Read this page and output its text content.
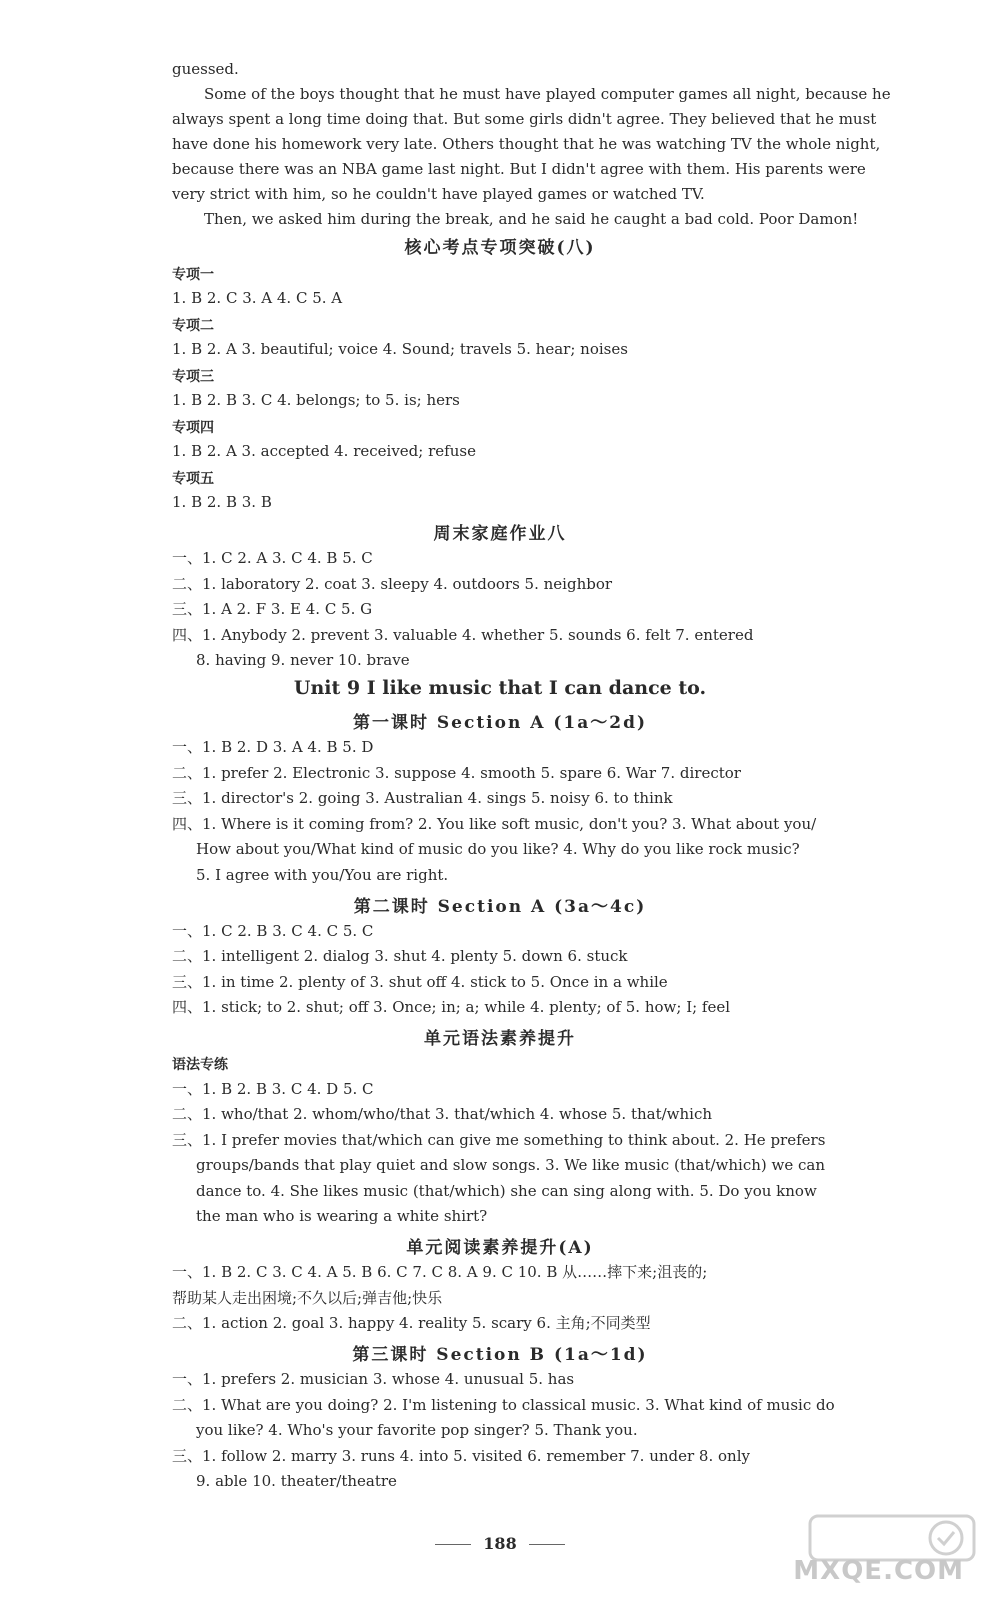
guessed.
Some of the boys thought that he must have played computer games all night, because he
always spent a long time doing that. But some girls didn't agree. They believed that he must
have done his homework very late. Others thought that he was watching TV the whole night,
because there was an NBA game last night. But I didn't agree with them. His parents were
very strict with him, so he couldn't have played games or watched TV.
Then, we asked him during the break, and he said he caught a bad cold. Poor Damon!
核心考点专项突破(八)
专项一
1. B 2. C 3. A 4. C 5. A
专项二
1. B 2. A 3. beautiful; voice 4. Sound; travels 5. hear; noises
专项三
1. B 2. B 3. C 4. belongs; to 5. is; hers
专项四
1. B 2. A 3. accepted 4. received; refuse
专项五
1. B 2. B 3. B
周末家庭作业八
一、1. C 2. A 3. C 4. B 5. C
二、1. laboratory 2. coat 3. sleepy 4. outdoors 5. neighbor
三、1. A 2. F 3. E 4. C 5. G
四、1. Anybody 2. prevent 3. valuable 4. whether 5. sounds 6. felt 7. entered
8. having 9. never 10. brave
Unit 9 I like music that I can dance to.
第一课时 Section A (1a～2d)
一、1. B 2. D 3. A 4. B 5. D
二、1. prefer 2. Electronic 3. suppose 4. smooth 5. spare 6. War 7. director
三、1. director's 2. going 3. Australian 4. sings 5. noisy 6. to think
四、1. Where is it coming from? 2. You like soft music, don't you? 3. What about you/
How about you/What kind of music do you like? 4. Why do you like rock music?
5. I agree with you/You are right.
第二课时 Section A (3a～4c)
一、1. C 2. B 3. C 4. C 5. C
二、1. intelligent 2. dialog 3. shut 4. plenty 5. down 6. stuck
三、1. in time 2. plenty of 3. shut off 4. stick to 5. Once in a while
四、1. stick; to 2. shut; off 3. Once; in; a; while 4. plenty; of 5. how; I; feel
单元语法素养提升
语法专练
一、1. B 2. B 3. C 4. D 5. C
二、1. who/that 2. whom/who/that 3. that/which 4. whose 5. that/which
三、1. I prefer movies that/which can give me something to think about. 2. He prefers
groups/bands that play quiet and slow songs. 3. We like music (that/which) we can
dance to. 4. She likes music (that/which) she can sing along with. 5. Do you know
the man who is wearing a white shirt?
单元阅读素养提升(A)
一、1. B 2. C 3. C 4. A 5. B 6. C 7. C 8. A 9. C 10. B 从……摔下来;沮丧的;
帮助某人走出困境;不久以后;弹吉他;快乐
二、1. action 2. goal 3. happy 4. reality 5. scary 6. 主角;不同类型
第三课时 Section B (1a～1d)
一、1. prefers 2. musician 3. whose 4. unusual 5. has
二、1. What are you doing? 2. I'm listening to classical music. 3. What kind of music do
you like? 4. Who's your favorite pop singer? 5. Thank you.
三、1. follow 2. marry 3. runs 4. into 5. visited 6. remember 7. under 8. only
9. able 10. theater/theatre
188
MXQE.COM
